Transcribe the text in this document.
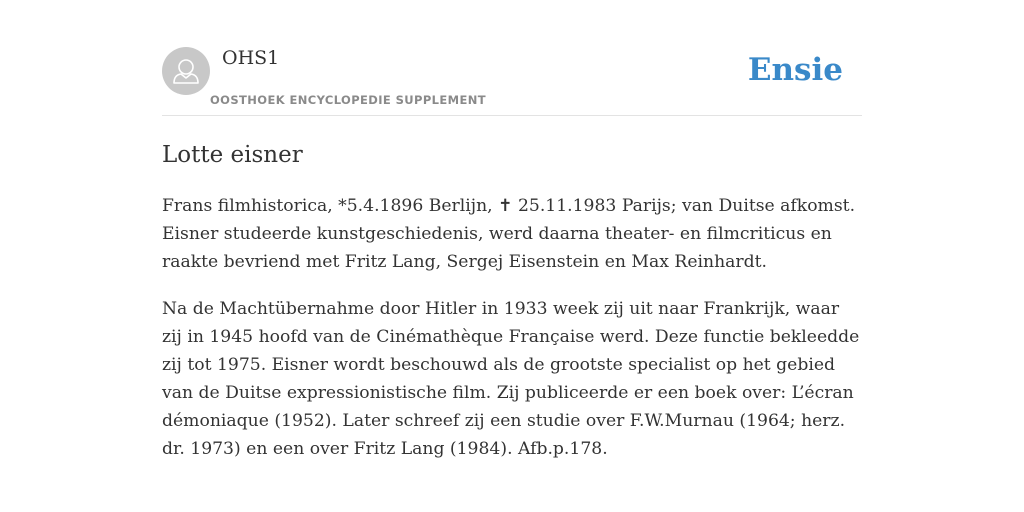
OHS1
OOSTHOEK ENCYCLOPEDIE SUPPLEMENT
Ensie
Lotte eisner

Frans filmhistorica, *5.4.1896 Berlijn, ✝ 25.11.1983 Parijs; van Duitse afkomst. Eisner studeerde kunstgeschiedenis, werd daarna theater- en filmcriticus en raakte bevriend met Fritz Lang, Sergej Eisenstein en Max Reinhardt.

Na de Machtübernahme door Hitler in 1933 week zij uit naar Frankrijk, waar zij in 1945 hoofd van de Cinémathèque Française werd. Deze functie bekleedde zij tot 1975. Eisner wordt beschouwd als de grootste specialist op het gebied van de Duitse expressionistische film. Zij publiceerde er een boek over: L’écran démoniaque (1952). Later schreef zij een studie over F.W.Murnau (1964; herz. dr. 1973) en een over Fritz Lang (1984). Afb.p.178.
